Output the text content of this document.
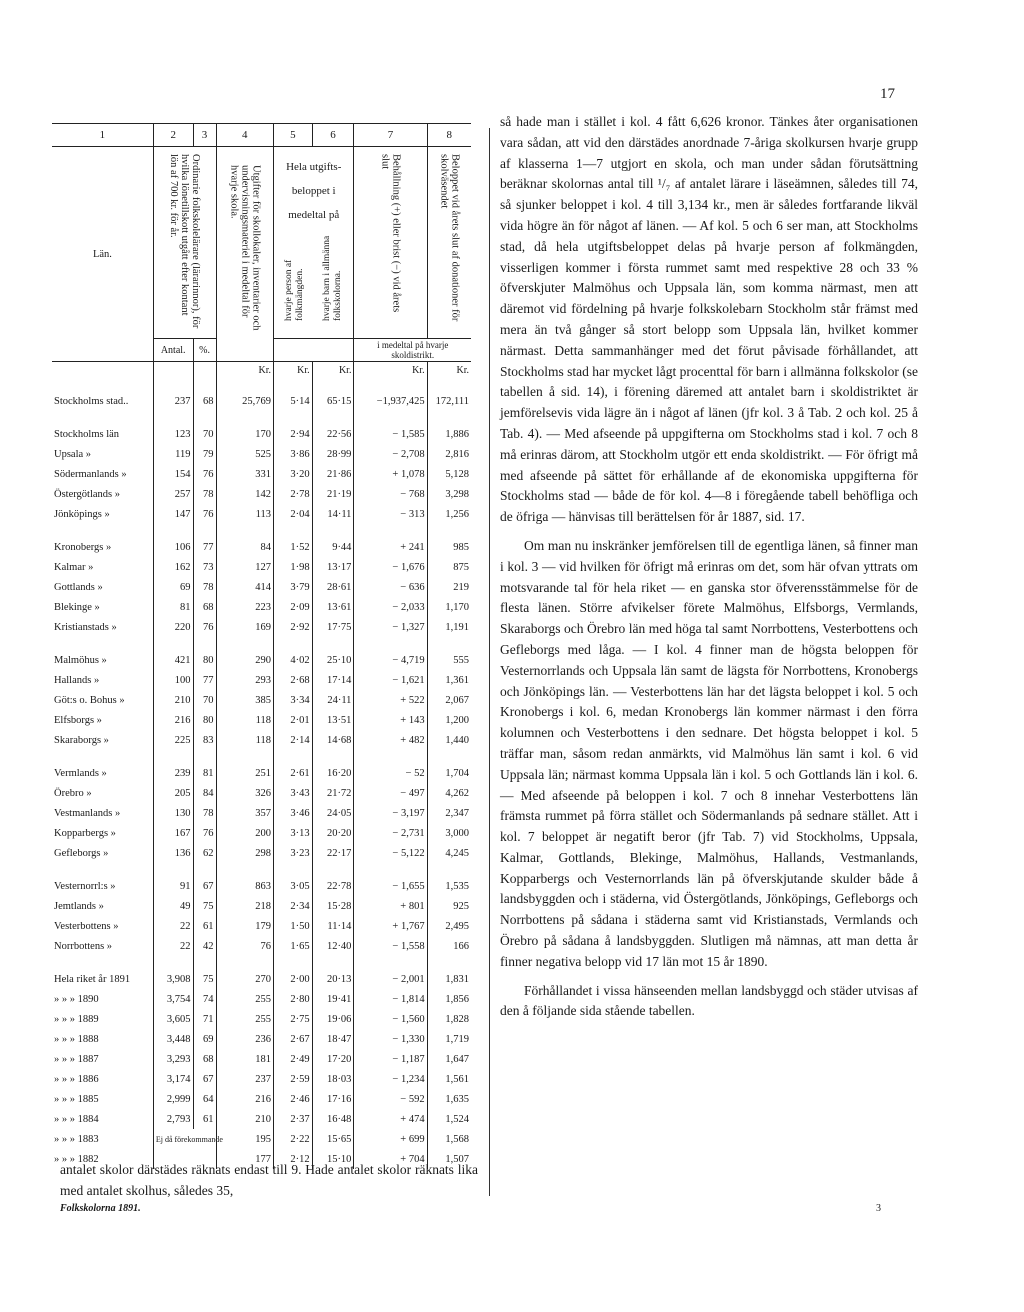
17
1	2	3	4	5	6	7	8
Län.	Ordinarie folkskolelärare (lärarinnor), för hvilka lönetillskott utgått efter kontant lön af 700 kr. för år.		Utgifter för skollokaler, inventarier och undervisningsmateriel i medeltal för hvarje skola.	Hela utgifts-beloppet i medeltal på
hvarje person af folkmängden. hvarje barn i allmänna folkskolorna.		Behållning (+) eller brist (−) vid årets slut	Beloppet vid årets slut af donationer för skolväsendet
	Antal.	%.				i medeltal på hvarje skoldistrikt.	
			Kr.	Kr.	Kr.	Kr.	Kr.

Stockholms stad..	237	68	25,769	5·14	65·15	−1,937,425	172,111

Stockholms län	123	70	170	2·94	22·56	− 1,585	1,886
Upsala »	119	79	525	3·86	28·99	− 2,708	2,816
Södermanlands »	154	76	331	3·20	21·86	+ 1,078	5,128
Östergötlands »	257	78	142	2·78	21·19	− 768	3,298
Jönköpings »	147	76	113	2·04	14·11	− 313	1,256

Kronobergs »	106	77	84	1·52	9·44	+ 241	985
Kalmar »	162	73	127	1·98	13·17	− 1,676	875
Gottlands »	69	78	414	3·79	28·61	− 636	219
Blekinge »	81	68	223	2·09	13·61	− 2,033	1,170
Kristianstads »	220	76	169	2·92	17·75	− 1,327	1,191

Malmöhus »	421	80	290	4·02	25·10	− 4,719	555
Hallands »	100	77	293	2·68	17·14	− 1,621	1,361
Göt:s o. Bohus »	210	70	385	3·34	24·11	+ 522	2,067
Elfsborgs »	216	80	118	2·01	13·51	+ 143	1,200
Skaraborgs »	225	83	118	2·14	14·68	+ 482	1,440

Vermlands »	239	81	251	2·61	16·20	− 52	1,704
Örebro »	205	84	326	3·43	21·72	− 497	4,262
Vestmanlands »	130	78	357	3·46	24·05	− 3,197	2,347
Kopparbergs »	167	76	200	3·13	20·20	− 2,731	3,000
Gefleborgs »	136	62	298	3·23	22·17	− 5,122	4,245

Vesternorrl:s »	91	67	863	3·05	22·78	− 1,655	1,535
Jemtlands »	49	75	218	2·34	15·28	+ 801	925
Vesterbottens »	22	61	179	1·50	11·14	+ 1,767	2,495
Norrbottens »	22	42	76	1·65	12·40	− 1,558	166

Hela riket år 1891	3,908	75	270	2·00	20·13	− 2,001	1,831
» » » 1890	3,754	74	255	2·80	19·41	− 1,814	1,856
» » » 1889	3,605	71	255	2·75	19·06	− 1,560	1,828
» » » 1888	3,448	69	236	2·67	18·47	− 1,330	1,719
» » » 1887	3,293	68	181	2·49	17·20	− 1,187	1,647
» » » 1886	3,174	67	237	2·59	18·03	− 1,234	1,561
» » » 1885	2,999	64	216	2·46	17·16	− 592	1,635
» » » 1884	2,793	61	210	2·37	16·48	+ 474	1,524
» » » 1883	Ej då förekommande		195	2·22	15·65	+ 699	1,568
» » » 1882			177	2·12	15·10	+ 704	1,507
antalet skolor därstädes räknats endast till 9. Hade antalet skolor räknats lika med antalet skolhus, således 35,
Folkskolorna 1891.

så hade man i stället i kol. 4 fått 6,626 kronor. Tänkes åter organisationen vara sådan, att vid den därstädes anordnade 7-åriga skolkursen hvarje grupp af klasserna 1—7 utgjort en skola, och man under sådan förutsättning beräknar skolornas antal till ¹/₇ af antalet lärare i läseämnen, således till 74, så sjunker beloppet i kol. 4 till 3,134 kr., men är således fortfarande likväl vida högre än för något af länen. — Af kol. 5 och 6 ser man, att Stockholms stad, då hela utgiftsbeloppet delas på hvarje person af folkmängden, visserligen kommer i första rummet samt med respektive 28 och 33 % öfverskjuter Malmöhus och Uppsala län, som komma närmast, men att däremot vid fördelning på hvarje folkskolebarn Stockholm står främst med mera än två gånger så stort belopp som Uppsala län, hvilket kommer närmast. Detta sammanhänger med det förut påvisade förhållandet, att Stockholms stad har mycket lågt procenttal för barn i allmänna folkskolor (se tabellen å sid. 14), i förening däremed att antalet barn i skoldistriktet är jemförelsevis vida lägre än i något af länen (jfr kol. 3 å Tab. 2 och kol. 25 å Tab. 4). — Med afseende på uppgifterna om Stockholms stad i kol. 7 och 8 må erinras därom, att Stockholm utgör ett enda skoldistrikt. — För öfrigt må med afseende på sättet för erhållande af de ekonomiska uppgifterna för Stockholms stad — både de för kol. 4—8 i föregående tabell behöfliga och de öfriga — hänvisas till berättelsen för år 1887, sid. 17.

Om man nu inskränker jemförelsen till de egentliga länen, så finner man i kol. 3 — vid hvilken för öfrigt må erinras om det, som här ofvan yttrats om motsvarande tal för hela riket — en ganska stor öfverensstämmelse för de flesta länen. Större afvikelser förete Malmöhus, Elfsborgs, Vermlands, Skaraborgs och Örebro län med höga tal samt Norrbottens, Vesterbottens och Gefleborgs med låga. — I kol. 4 finner man de högsta beloppen för Vesternorrlands och Uppsala län samt de lägsta för Norrbottens, Kronobergs och Jönköpings län. — Vesterbottens län har det lägsta beloppet i kol. 5 och Kronobergs i kol. 6, medan Kronobergs län kommer närmast i den förra kolumnen och Vesterbottens i den sednare. Det högsta beloppet i kol. 5 träffar man, såsom redan anmärkts, vid Malmöhus län samt i kol. 6 vid Uppsala län; närmast komma Uppsala län i kol. 5 och Gottlands län i kol. 6. — Med afseende på beloppen i kol. 7 och 8 innehar Vesterbottens län främsta rummet på förra stället och Södermanlands på sednare stället. Att i kol. 7 beloppet är negatift beror (jfr Tab. 7) vid Stockholms, Uppsala, Kalmar, Gottlands, Blekinge, Malmöhus, Hallands, Vestmanlands, Kopparbergs och Vesternorrlands län på öfverskjutande skulder både å landsbyggden och i städerna, vid Östergötlands, Jönköpings, Gefleborgs och Norrbottens på sådana i städerna samt vid Kristianstads, Vermlands och Örebro på sådana å landsbyggden. Slutligen må nämnas, att man detta år finner negativa belopp vid 17 län mot 15 år 1890.

Förhållandet i vissa hänseenden mellan landsbyggd och städer utvisas af den å följande sida stående tabellen.

3
